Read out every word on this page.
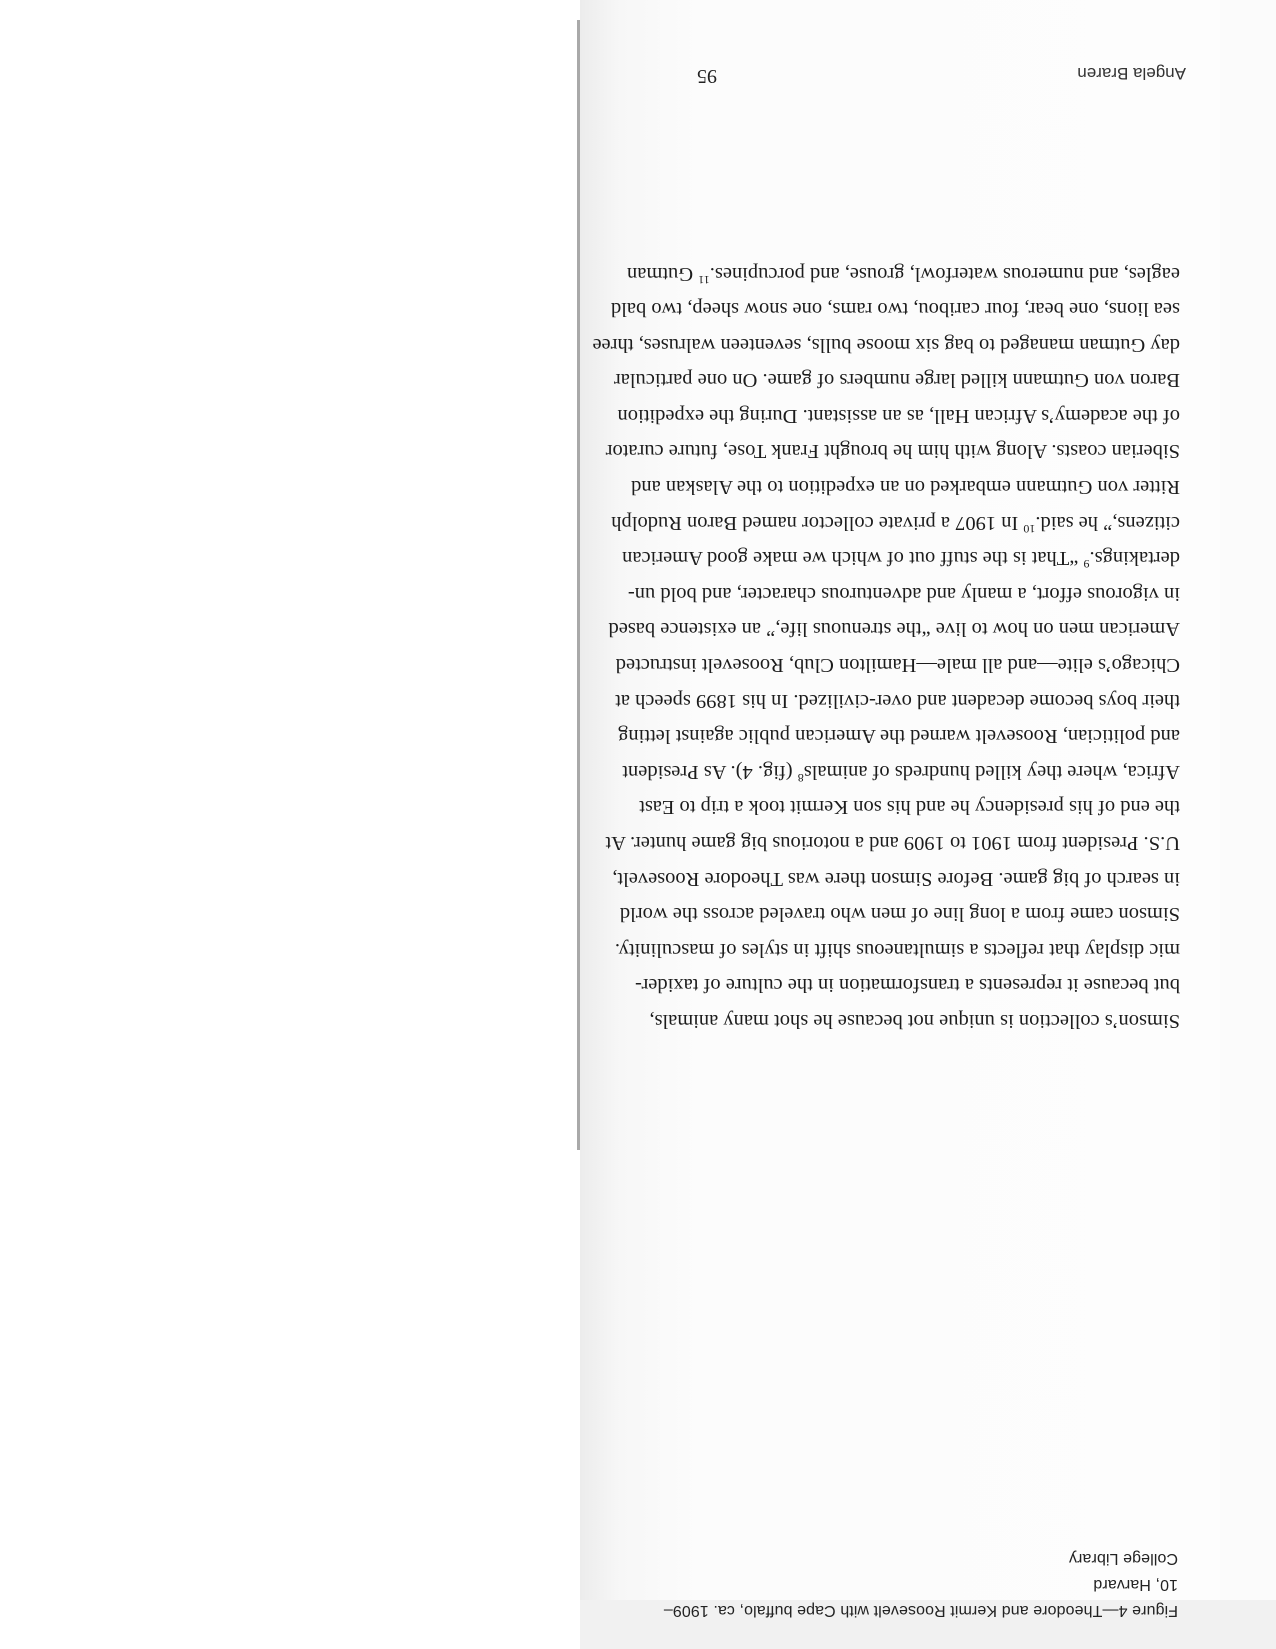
Figure 4—Theodore and Kermit Roosevelt with Cape buffalo, ca. 1909–10, Harvard

College Library

Simson’s collection is unique not because he shot many animals,

but because it represents a transformation in the culture of taxider-

mic display that reflects a simultaneous shift in styles of masculinity.

Simson came from a long line of men who traveled across the world

in search of big game. Before Simson there was Theodore Roosevelt,

U.S. President from 1901 to 1909 and a notorious big game hunter. At

the end of his presidency he and his son Kermit took a trip to East

Africa, where they killed hundreds of animals$^8$ (fig. 4). As President

and politician, Roosevelt warned the American public against letting

their boys become decadent and over-civilized. In his 1899 speech at

Chicago’s elite—and all male—Hamilton Club, Roosevelt instructed

American men on how to live “the strenuous life,” an existence based

in vigorous effort, a manly and adventurous character, and bold un-

dertakings.$^9$ “That is the stuff out of which we make good American

citizens,” he said.$^{10}$ In 1907 a private collector named Baron Rudolph

Ritter von Gutmann embarked on an expedition to the Alaskan and

Siberian coasts. Along with him he brought Frank Tose, future curator

of the academy’s African Hall, as an assistant. During the expedition

Baron von Gutmann killed large numbers of game. On one particular

day Gutman managed to bag six moose bulls, seventeen walruses, three

sea lions, one bear, four caribou, two rams, one snow sheep, two bald

eagles, and numerous waterfowl, grouse, and porcupines.$^{11}$ Gutman

Angela Braren
95
